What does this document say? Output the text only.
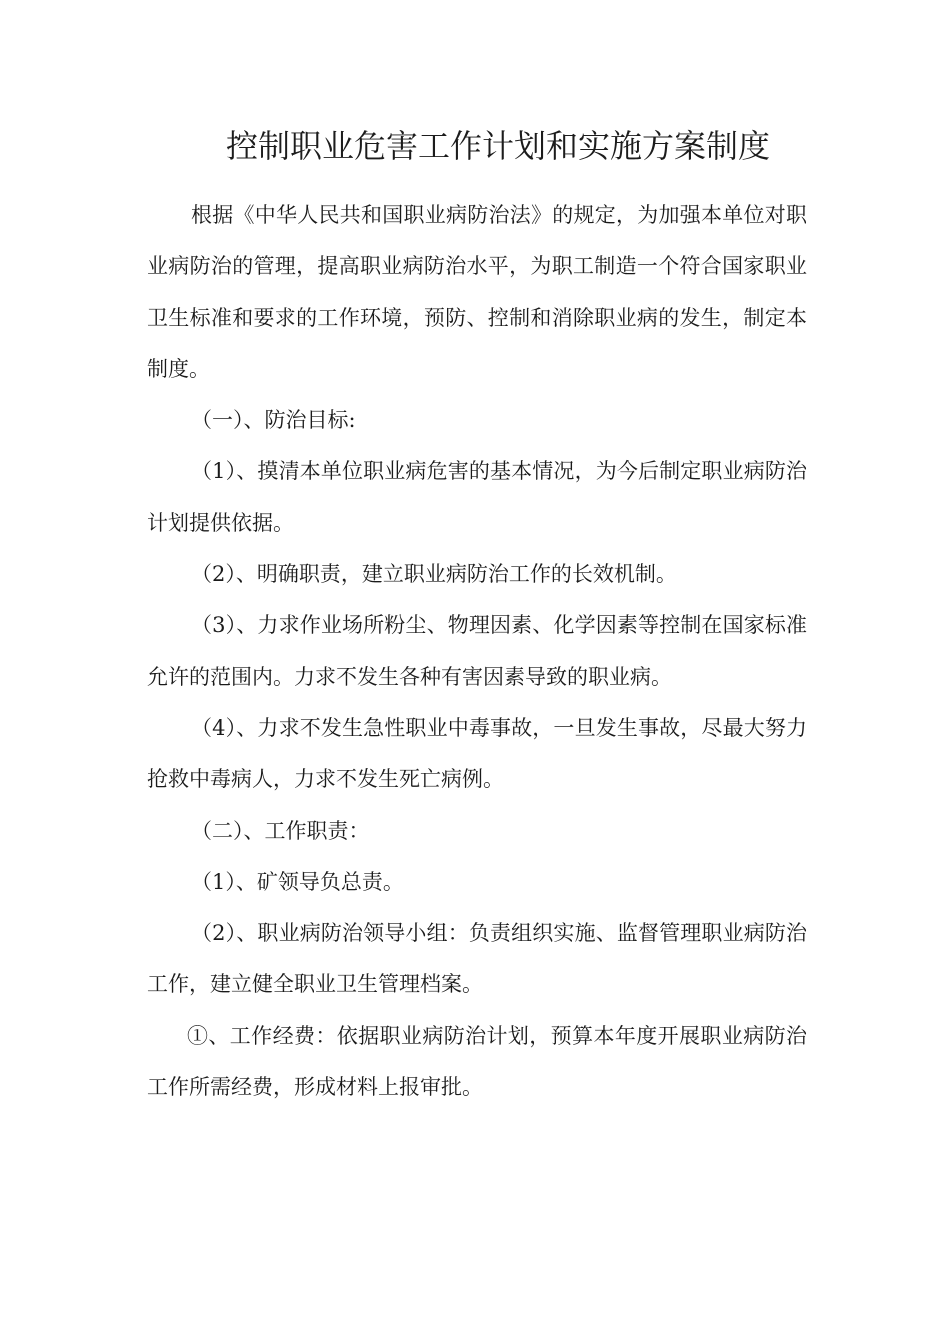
控制职业危害工作计划和实施方案制度

根据《中华人民共和国职业病防治法》的规定，为加强本单位对职业病防治的管理，提高职业病防治水平，为职工制造一个符合国家职业卫生标准和要求的工作环境，预防、控制和消除职业病的发生，制定本制度。

（一）、防治目标:

（1）、摸清本单位职业病危害的基本情况，为今后制定职业病防治计划提供依据。

（2）、明确职责，建立职业病防治工作的长效机制。

（3）、力求作业场所粉尘、物理因素、化学因素等控制在国家标准允许的范围内。力求不发生各种有害因素导致的职业病。

（4）、力求不发生急性职业中毒事故，一旦发生事故，尽最大努力抢救中毒病人，力求不发生死亡病例。

（二）、工作职责：

（1）、矿领导负总责。

（2）、职业病防治领导小组：负责组织实施、监督管理职业病防治工作，建立健全职业卫生管理档案。

①、工作经费：依据职业病防治计划，预算本年度开展职业病防治工作所需经费，形成材料上报审批。
